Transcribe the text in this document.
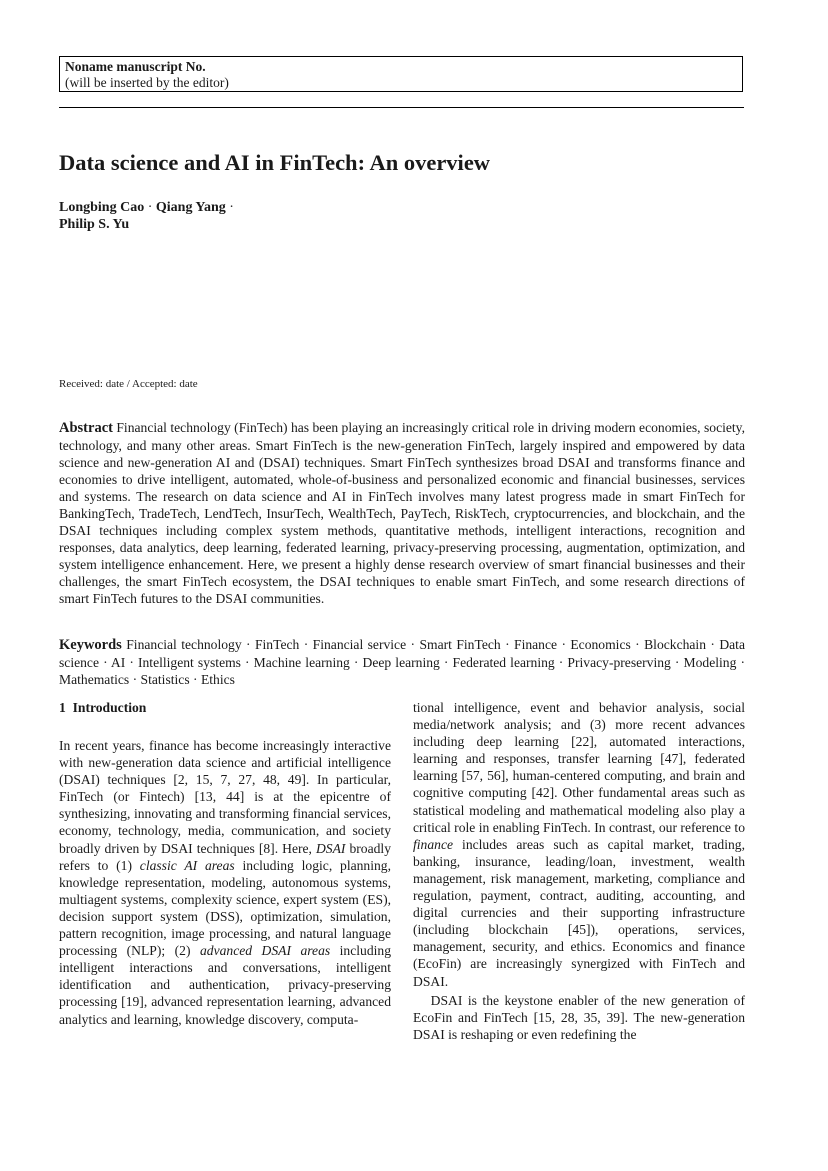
Noname manuscript No.
(will be inserted by the editor)
Data science and AI in FinTech: An overview
Longbing Cao · Qiang Yang · Philip S. Yu
Received: date / Accepted: date
Abstract Financial technology (FinTech) has been playing an increasingly critical role in driving modern economies, society, technology, and many other areas. Smart FinTech is the new-generation FinTech, largely inspired and empowered by data science and new-generation AI and (DSAI) techniques. Smart FinTech synthesizes broad DSAI and transforms finance and economies to drive intelligent, automated, whole-of-business and personalized economic and financial businesses, services and systems. The research on data science and AI in FinTech involves many latest progress made in smart FinTech for BankingTech, TradeTech, LendTech, InsurTech, WealthTech, PayTech, RiskTech, cryptocurrencies, and blockchain, and the DSAI techniques including complex system methods, quantitative methods, intelligent interactions, recognition and responses, data analytics, deep learning, federated learning, privacy-preserving processing, augmentation, optimization, and system intelligence enhancement. Here, we present a highly dense research overview of smart financial businesses and their challenges, the smart FinTech ecosystem, the DSAI techniques to enable smart FinTech, and some research directions of smart FinTech futures to the DSAI communities.
Keywords Financial technology · FinTech · Financial service · Smart FinTech · Finance · Economics · Blockchain · Data science · AI · Intelligent systems · Machine learning · Deep learning · Federated learning · Privacy-preserving · Modeling · Mathematics · Statistics · Ethics
1 Introduction

In recent years, finance has become increasingly interactive with new-generation data science and artificial intelligence (DSAI) techniques [2, 15, 7, 27, 48, 49]. In particular, FinTech (or Fintech) [13, 44] is at the epicentre of synthesizing, innovating and transforming financial services, economy, technology, media, communication, and society broadly driven by DSAI techniques [8]. Here, DSAI broadly refers to (1) classic AI areas including logic, planning, knowledge representation, modeling, autonomous systems, multiagent systems, complexity science, expert system (ES), decision support system (DSS), optimization, simulation, pattern recognition, image processing, and natural language processing (NLP); (2) advanced DSAI areas including intelligent interactions and conversations, intelligent identification and authentication, privacy-preserving processing [19], advanced representation learning, advanced analytics and learning, knowledge discovery, computa-

tional intelligence, event and behavior analysis, social media/network analysis; and (3) more recent advances including deep learning [22], automated interactions, learning and responses, transfer learning [47], federated learning [57, 56], human-centered computing, and brain and cognitive computing [42]. Other fundamental areas such as statistical modeling and mathematical modeling also play a critical role in enabling FinTech. In contrast, our reference to finance includes areas such as capital market, trading, banking, insurance, leading/loan, investment, wealth management, risk management, marketing, compliance and regulation, payment, contract, auditing, accounting, and digital currencies and their supporting infrastructure (including blockchain [45]), operations, services, management, security, and ethics. Economics and finance (EcoFin) are increasingly synergized with FinTech and DSAI.

DSAI is the keystone enabler of the new generation of EcoFin and FinTech [15, 28, 35, 39]. The new-generation DSAI is reshaping or even redefining the
